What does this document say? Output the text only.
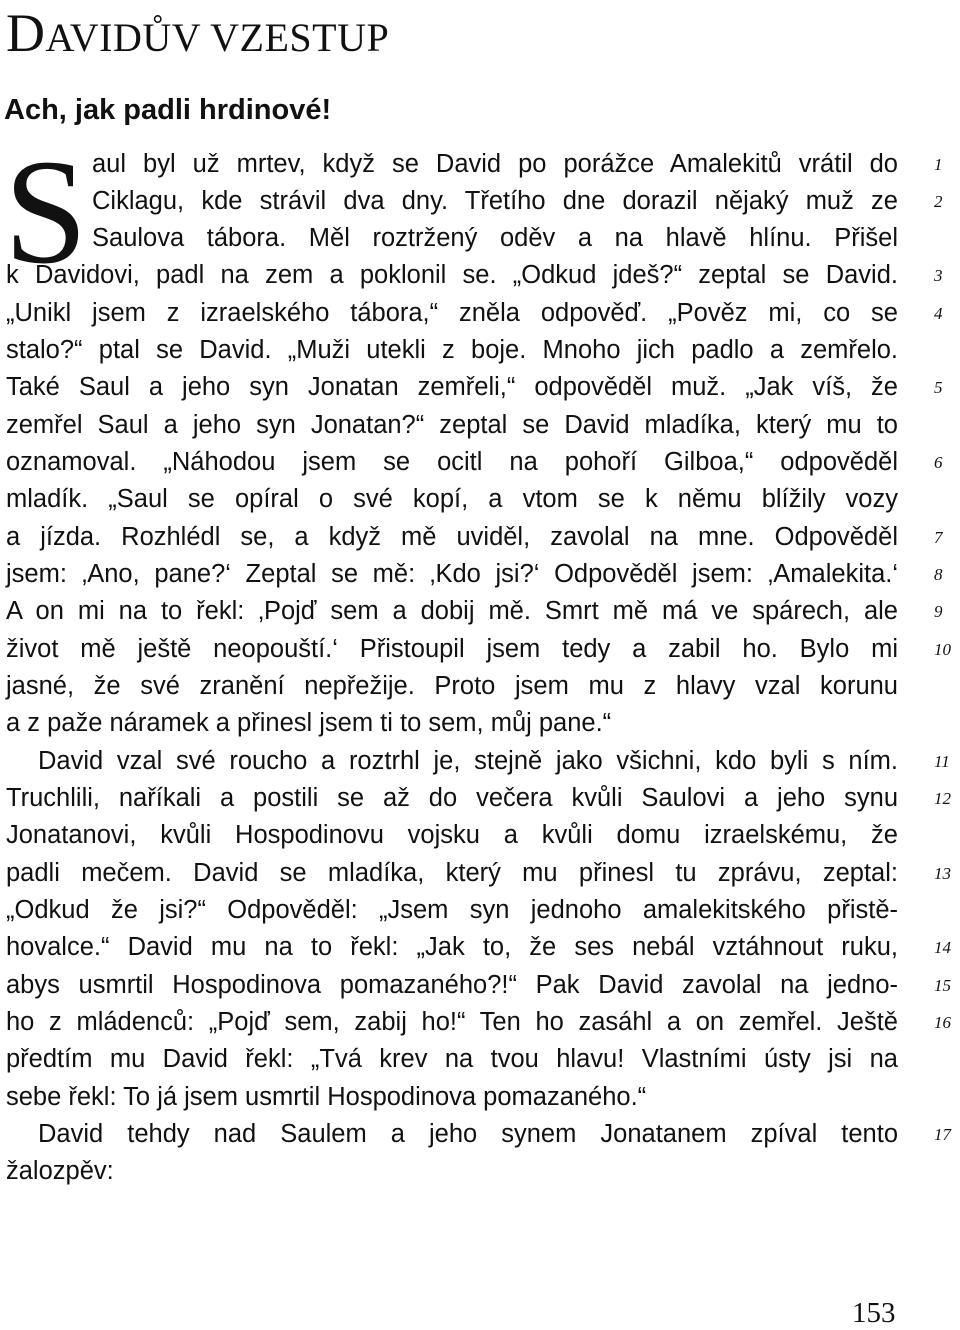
DAVIDŮV VZESTUP
Ach, jak padli hrdinové!
S aul byl už mrtev, když se David po porážce Amalekitů vrátil do
Ciklagu, kde strávil dva dny. Třetího dne dorazil nějaký muž ze
Saulova tábora. Měl roztržený oděv a na hlavě hlínu. Přišel
k Davidovi, padl na zem a poklonil se. „Odkud jdeš?“ zeptal se David.
„Unikl jsem z izraelského tábora,“ zněla odpověď. „Pověz mi, co se
stalo?“ ptal se David. „Muži utekli z boje. Mnoho jich padlo a zemřelo.
Také Saul a jeho syn Jonatan zemřeli,“ odpověděl muž. „Jak víš, že
zemřel Saul a jeho syn Jonatan?“ zeptal se David mladíka, který mu to
oznamoval. „Náhodou jsem se ocitl na pohoří Gilboa,“ odpověděl
mladík. „Saul se opíral o své kopí, a vtom se k němu blížily vozy
a jízda. Rozhlédl se, a když mě uviděl, zavolal na mne. Odpověděl
jsem: ‚Ano, pane?‘ Zeptal se mě: ‚Kdo jsi?‘ Odpověděl jsem: ‚Amalekita.‘
A on mi na to řekl: ‚Pojď sem a dobij mě. Smrt mě má ve spárech, ale
život mě ještě neopouští.‘ Přistoupil jsem tedy a zabil ho. Bylo mi
jasné, že své zranění nepřežije. Proto jsem mu z hlavy vzal korunu
a z paže náramek a přinesl jsem ti to sem, můj pane.“
David vzal své roucho a roztrhl je, stejně jako všichni, kdo byli s ním.
Truchlili, naříkali a postili se až do večera kvůli Saulovi a jeho synu
Jonatanovi, kvůli Hospodinovu vojsku a kvůli domu izraelskému, že
padli mečem. David se mladíka, který mu přinesl tu zprávu, zeptal:
„Odkud že jsi?“ Odpověděl: „Jsem syn jednoho amalekitského přistě-
hovalce.“ David mu na to řekl: „Jak to, že ses nebál vztáhnout ruku,
abys usmrtil Hospodinova pomazaného?!“ Pak David zavolal na jedno-
ho z mládenců: „Pojď sem, zabij ho!“ Ten ho zasáhl a on zemřel. Ještě
předtím mu David řekl: „Tvá krev na tvou hlavu! Vlastními ústy jsi na
sebe řekl: To já jsem usmrtil Hospodinova pomazaného.“
David tehdy nad Saulem a jeho synem Jonatanem zpíval tento
žalozpěv:
1
2
3
4
5
6
7
8
9
10
11
12
13
14
15
16
17
153
